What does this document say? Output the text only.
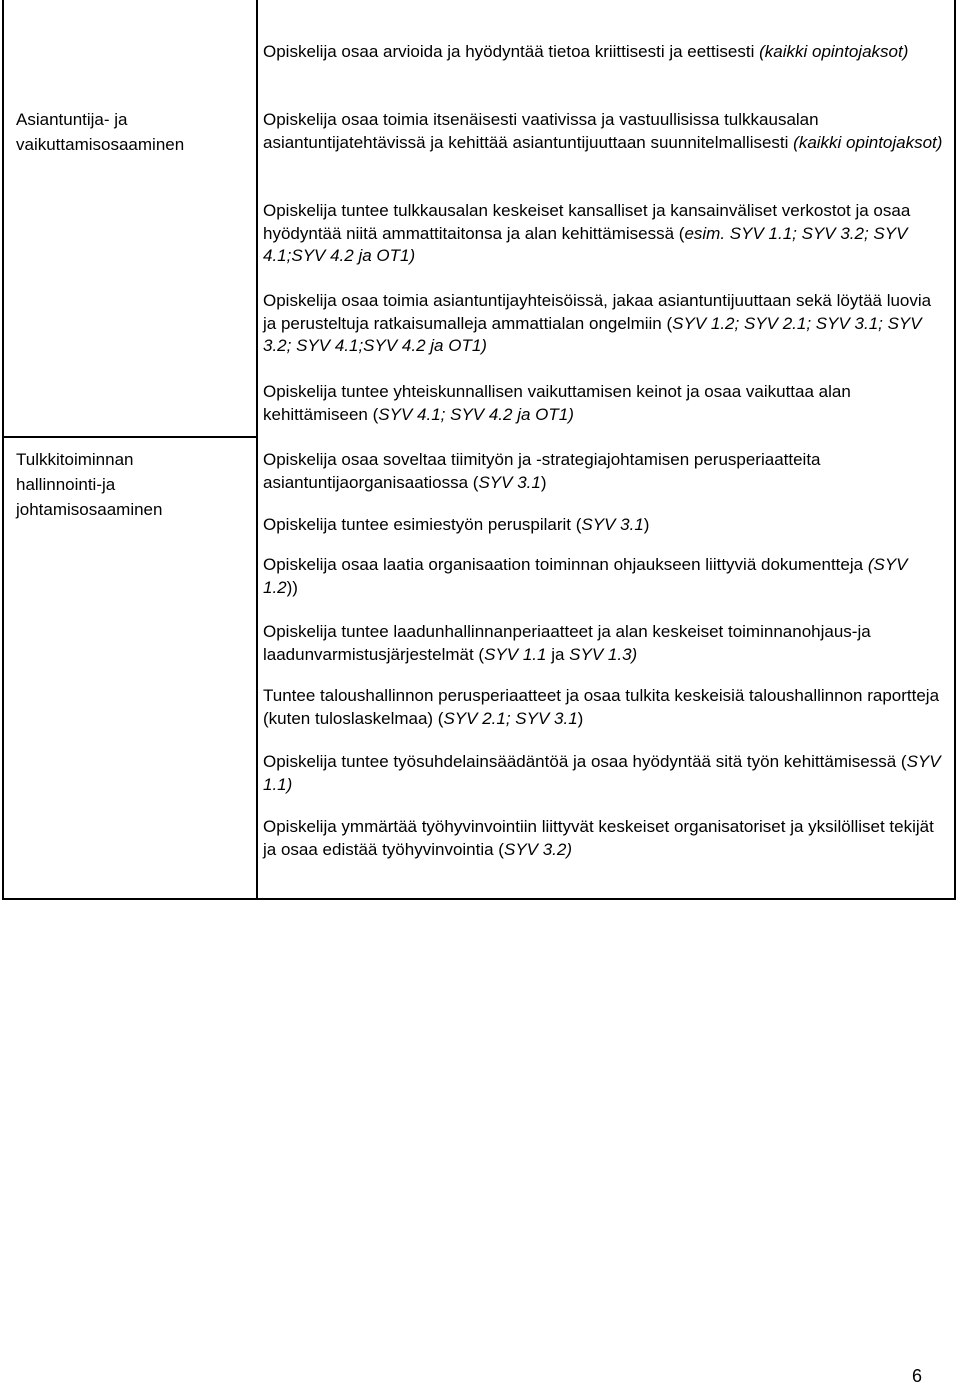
Asiantuntija- ja
vaikuttamisosaaminen
Tulkkitoiminnan
hallinnointi-ja
johtamisosaaminen

Opiskelija osaa arvioida ja hyödyntää tietoa kriittisesti ja eettisesti (kaikki opintojaksot)

Opiskelija osaa toimia itsenäisesti vaativissa ja vastuullisissa tulkkausalan asiantuntijatehtävissä ja kehittää asiantuntijuuttaan suunnitelmallisesti (kaikki opintojaksot)

Opiskelija tuntee tulkkausalan keskeiset kansalliset ja kansainväliset verkostot ja osaa hyödyntää niitä ammattitaitonsa ja alan kehittämisessä (esim. SYV 1.1; SYV 3.2; SYV 4.1;SYV 4.2 ja OT1)

Opiskelija osaa toimia asiantuntijayhteisöissä, jakaa asiantuntijuuttaan sekä löytää luovia ja perusteltuja ratkaisumalleja ammattialan ongelmiin (SYV 1.2; SYV 2.1; SYV 3.1; SYV 3.2; SYV 4.1;SYV 4.2 ja OT1)

Opiskelija tuntee yhteiskunnallisen vaikuttamisen keinot ja osaa vaikuttaa alan kehittämiseen (SYV 4.1; SYV 4.2 ja OT1)

Opiskelija osaa soveltaa tiimityön ja -strategiajohtamisen perusperiaatteita asiantuntijaorganisaatiossa (SYV 3.1)

Opiskelija tuntee esimiestyön peruspilarit (SYV 3.1)

Opiskelija osaa laatia organisaation toiminnan ohjaukseen liittyviä dokumentteja (SYV 1.2))

Opiskelija tuntee laadunhallinnanperiaatteet ja alan keskeiset toiminnanohjaus-ja laadunvarmistusjärjestelmät (SYV 1.1 ja SYV 1.3)

Tuntee taloushallinnon perusperiaatteet ja osaa tulkita keskeisiä taloushallinnon raportteja (kuten tuloslaskelmaa) (SYV 2.1; SYV 3.1)

Opiskelija tuntee työsuhdelainsäädäntöä ja osaa hyödyntää sitä työn kehittämisessä (SYV 1.1)

Opiskelija ymmärtää työhyvinvointiin liittyvät keskeiset organisatoriset ja yksilölliset tekijät ja osaa edistää työhyvinvointia (SYV 3.2)

6
